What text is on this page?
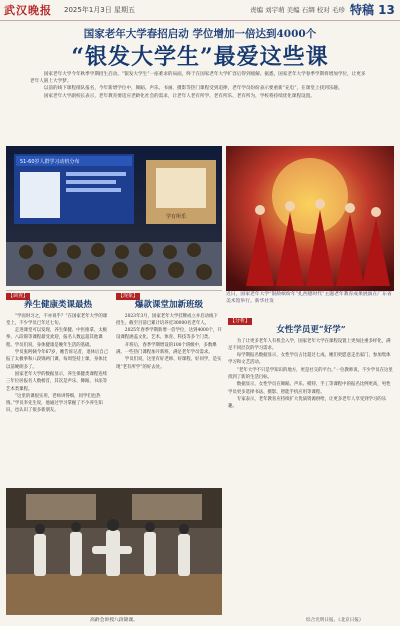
武汉晚报 2025年1月3日 星期五	责编 刘宇萌 美编 石绸 校对 毛珍 特稿 13
国家老年大学春招启动 学位增加一倍达到4000个
“银发大学生”最爱这些课

　国家老年大学今年秋季学期招生启动。“银发大学生”一座难求的局面，终于在国家老年大学扩容后得到缓解。据悉，国家老年大学春季学期将增加学位，让更多老年人圆上大学梦。

　以前的线下课程排队报名，今年新增学位中，舞蹈、声乐、书画、摄影等热门课程受到追捧，老年学员纷纷表示要重新“充电”，在课堂上找到乐趣。

　国家老年大学副校长表示，老年教育要适应老龄化社会的需求，让老年人老有所学、老有所乐、老有所为，学校将持续优化课程设置。

51-60岁人群学习动机分布
学有所乐
近日，国家老年大学“银龄缤纷年”扎西德时代“主题老年教育成果展演在广东省美术馆举行。新华社发
【调查】
养生健康类课最热

“学而时习之，不亦说乎？”在国家老年大学的课堂上，不少学员已年过七旬。

走进课堂可以发现，养生保健、中医推拿、太极拳、八段锦等课程最受欢迎，报名人数远超其他课程。学员们说，身体健康是晚年生活的基础。

学员张阿姨今年67岁，她告诉记者，退休后自己报了太极拳和八段锦两门课，每周坚持上课，身体比以前硬朗多了。

国家老年大学的数据显示，养生保健类课程连续三年位居报名人数榜首，其次是声乐、舞蹈、书法等艺术类课程。

“这里的课很实用，老师讲得细，同学们也热情。”学员李先生说，他通过学习掌握了不少养生知识，也认识了很多新朋友。

【现象】
爆款课堂加新班级

2023年3月，国家老年大学挂牌成立并启动线下招生。截至目前已累计培养近30000名老年人。

2025年春季学期新增一倍学位，达到4000个，开设课程涵盖文化、艺术、体育、科技等多个门类。

开班后，春季学期增设的100个班级中，多数爆满。一些热门课程加开新班，满足老年学员需求。

学员们说，这里有好老师、好课程、好同学，是实现“老有所学”的好去处。

【分析】
女性学员更“好学”

为了让更多老年人有机会入学，国家老年大学在课程设置上更加注重多样化，满足不同层次的学习需求。

每学期报名数据显示，女性学员占比超过七成。她们更愿意走出家门，参加集体学习和文艺活动。

“老年大学不只是学知识的地方，更是社交的平台。”一位教师说，不少学员在这里找到了新的生活目标。

数据显示，女性学员在舞蹈、声乐、模特、手工等课程中的报名比例更高，男性学员更多选择书法、摄影、智能手机应用等课程。

专家表示，老年教育应持续扩大优质资源供给，让更多老年人享受到学习的乐趣。

高龄会讲授八段锦课。	综合光明日报、《北京日报》
